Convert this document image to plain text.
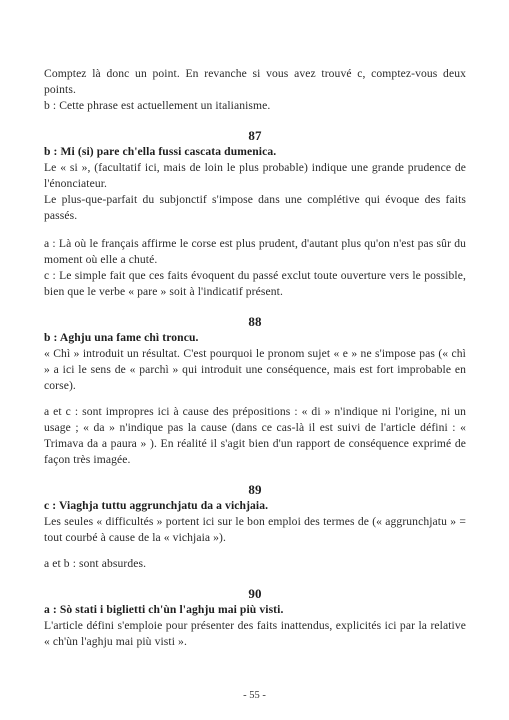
Comptez là donc un point. En revanche si vous avez trouvé c, comptez-vous deux points.

b : Cette phrase est actuellement un italianisme.

87

b : Mi (si) pare ch'ella fussi cascata dumenica.

Le « si », (facultatif ici, mais de loin le plus probable) indique une grande prudence de l'énonciateur.

Le plus-que-parfait du subjonctif s'impose dans une complétive qui évoque des faits passés.

a : Là où le français affirme le corse est plus prudent, d'autant plus qu'on n'est pas sûr du moment où elle a chuté.

c : Le simple fait que ces faits évoquent du passé exclut toute ouverture vers le possible, bien que le verbe « pare » soit à l'indicatif présent.

88

b : Aghju una fame chì troncu.

« Chì » introduit un résultat. C'est pourquoi le pronom sujet « e » ne s'impose pas (« chì » a ici le sens de « parchì » qui introduit une conséquence, mais est fort improbable en corse).

a et c : sont impropres ici à cause des prépositions : « di » n'indique ni l'origine, ni un usage ; « da » n'indique pas la cause (dans ce cas-là il est suivi de l'article défini : « Trimava da a paura » ). En réalité il s'agit bien d'un rapport de conséquence exprimé de façon très imagée.

89

c : Viaghja tuttu aggrunchjatu da a vichjaia.

Les seules « difficultés » portent ici sur le bon emploi des termes de (« aggrunchjatu » = tout courbé à cause de la « vichjaia »).

a et b : sont absurdes.

90

a : Sò stati i biglietti ch'ùn l'aghju mai più visti.

L'article défini s'emploie pour présenter des faits inattendus, explicités ici par la relative « ch'ùn l'aghju mai più visti ».

- 55 -
